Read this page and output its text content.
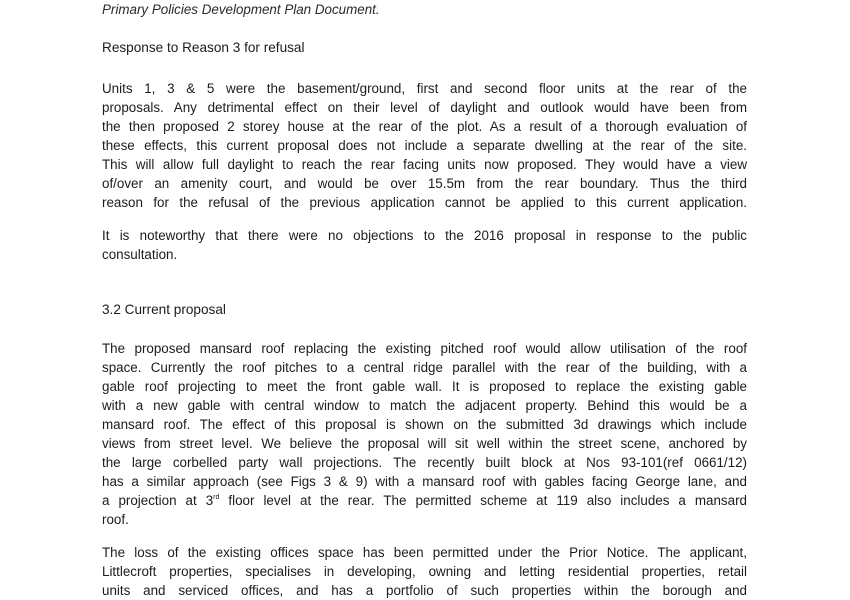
Primary Policies Development Plan Document.
Response to Reason 3 for refusal
Units 1, 3 & 5 were the basement/ground, first and second floor units at the rear of the
proposals. Any detrimental effect on their level of daylight and outlook would have been from
the then proposed 2 storey house at the rear of the plot. As a result of a thorough evaluation of
these effects, this current proposal does not include a separate dwelling at the rear of the site.
This will allow full daylight to reach the rear facing units now proposed. They would have a view
of/over an amenity court, and would be over 15.5m from the rear boundary. Thus the third
reason for the refusal of the previous application cannot be applied to this current application.
It is noteworthy that there were no objections to the 2016 proposal in response to the public
consultation.
3.2 Current proposal
The proposed mansard roof replacing the existing pitched roof would allow utilisation of the roof
space. Currently the roof pitches to a central ridge parallel with the rear of the building, with a
gable roof projecting to meet the front gable wall. It is proposed to replace the existing gable
with a new gable with central window to match the adjacent property. Behind this would be a
mansard roof. The effect of this proposal is shown on the submitted 3d drawings which include
views from street level. We believe the proposal will sit well within the street scene, anchored by
the large corbelled party wall projections. The recently built block at Nos 93-101(ref 0661/12)
has a similar approach (see Figs 3 & 9) with a mansard roof with gables facing George lane, and
a projection at 3rd floor level at the rear. The permitted scheme at 119 also includes a mansard
roof.
The loss of the existing offices space has been permitted under the Prior Notice. The applicant,
Littlecroft properties, specialises in developing, owning and letting residential properties, retail
units and serviced offices, and has a portfolio of such properties within the borough and
